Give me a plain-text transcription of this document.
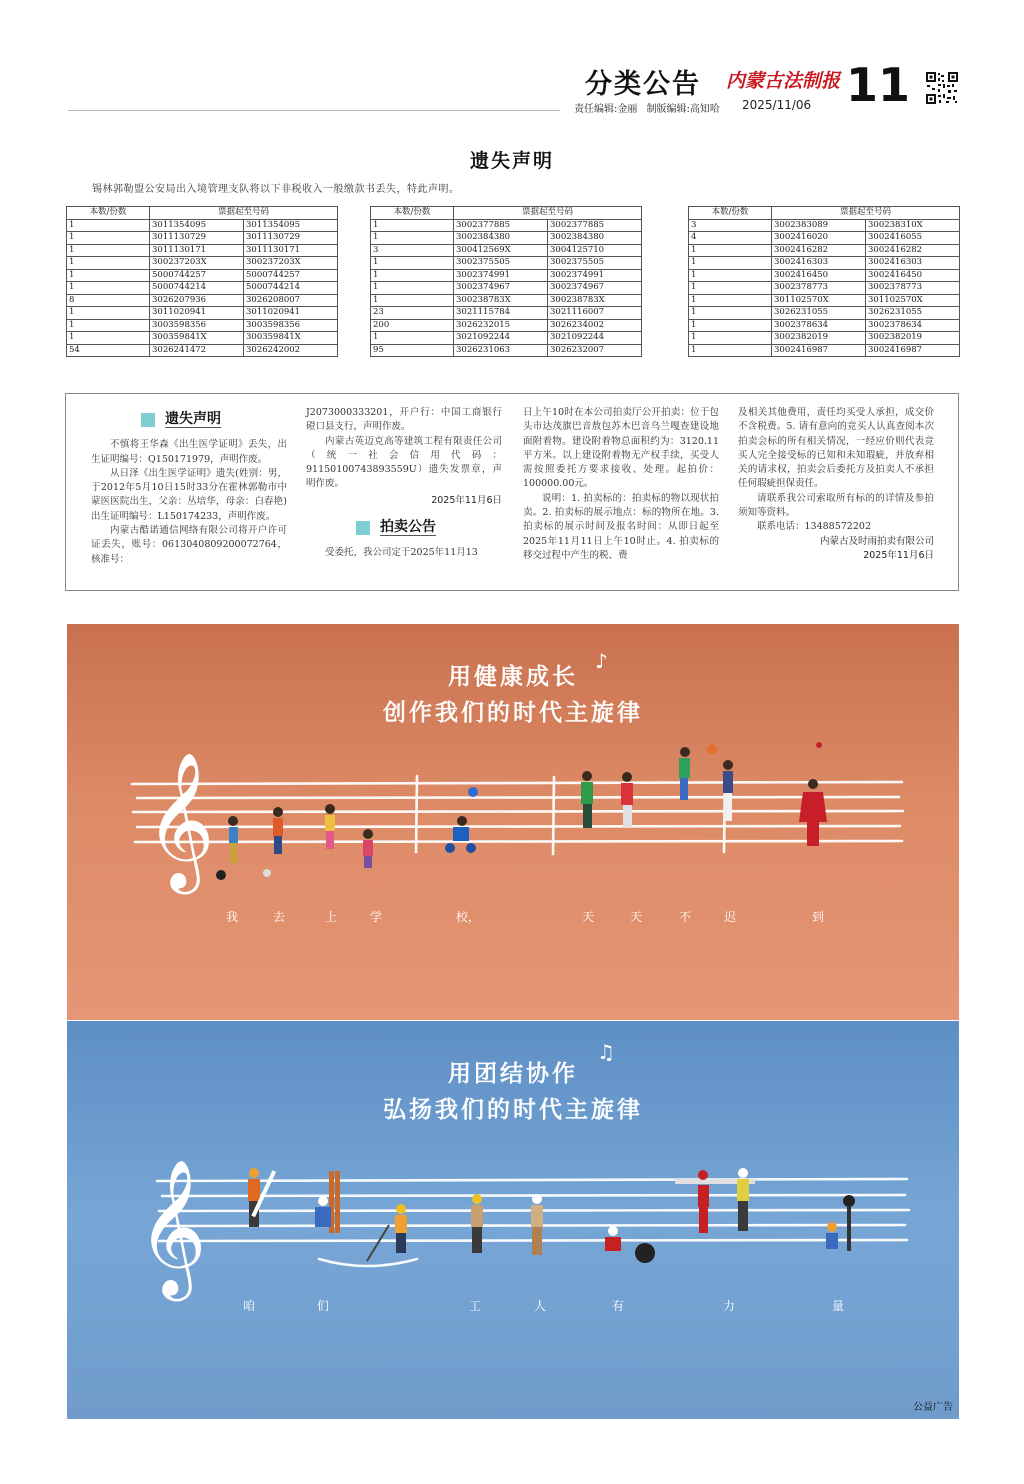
分类公告 内蒙古法制报
责任编辑:金丽 制版编辑:高知哈	2025/11/06 11
遗失声明
锡林郭勒盟公安局出入境管理支队将以下非税收入一般缴款书丢失，特此声明。
本数/份数	票据起至号码	
1	3011354095	3011354095
1	3011130729	3011130729
1	3011130171	3011130171
1	300237203X	300237203X
1	5000744257	5000744257
1	5000744214	5000744214
8	3026207936	3026208007
1	3011020941	3011020941
1	3003598356	3003598356
1	300359841X	300359841X
54	3026241472	3026242002
本数/份数	票据起至号码	
1	3002377885	3002377885
1	3002384380	3002384380
3	300412569X	3004125710
1	3002375505	3002375505
1	3002374991	3002374991
1	3002374967	3002374967
1	300238783X	300238783X
23	3021115784	3021116007
200	3026232015	3026234002
1	3021092244	3021092244
95	3026231063	3026232007
本数/份数	票据起至号码	
3	3002383089	300238310X
4	3002416020	3002416055
1	3002416282	3002416282
1	3002416303	3002416303
1	3002416450	3002416450
1	3002378773	3002378773
1	301102570X	301102570X
1	3026231055	3026231055
1	3002378634	3002378634
1	3002382019	3002382019
1	3002416987	3002416987
遗失声明

不慎将王华森《出生医学证明》丢失，出生证明编号：Q150171979，声明作废。

从日泽《出生医学证明》遗失(姓别：男，于2012年5月10日15时33分在霍林郭勒市中蒙医医院出生，父亲：丛培华，母亲：白春艳)出生证明编号：L150174233，声明作废。

内蒙古酷诺通信网络有限公司将开户许可证丢失，账号：0613040809200072764，核准号：

J2073000333201，开户行：中国工商银行磴口县支行，声明作废。

内蒙古英迈克高等建筑工程有限责任公司（统一社会信用代码：91150100743893559U）遗失发票章，声明作废。

2025年11月6日

拍卖公告

受委托，我公司定于2025年11月13

日上午10时在本公司拍卖厅公开拍卖：位于包头市达茂旗巴音敖包苏木巴音乌兰嘎查建设地面附着物。建设附着物总面积约为：3120.11平方米。以上建设附着物无产权手续，买受人需按照委托方要求接收、处理。起拍价：100000.00元。

说明：1. 拍卖标的：拍卖标的物以现状拍卖。2. 拍卖标的展示地点：标的物所在地。3. 拍卖标的展示时间及报名时间：从即日起至2025年11月11日上午10时止。4. 拍卖标的移交过程中产生的税、费

及相关其他费用，责任均买受人承担，成交价不含税费。5. 请有意向的竞买人认真查阅本次拍卖会标的所有相关情况，一经应价则代表竞买人完全接受标的已知和未知瑕疵，并放弃相关的请求权，拍卖会后委托方及拍卖人不承担任何瑕疵担保责任。

请联系我公司索取所有标的的详情及参拍须知等资料。

联系电话：13488572202

内蒙古及时雨拍卖有限公司

2025年11月6日

𝄞
♪
用健康成长
创作我们的时代主旋律
我	去	上	学	校，	天	天	不	迟	到
𝄞
♫
用团结协作
弘扬我们的时代主旋律
咱	们	工	人	有	力	量
公益广告
